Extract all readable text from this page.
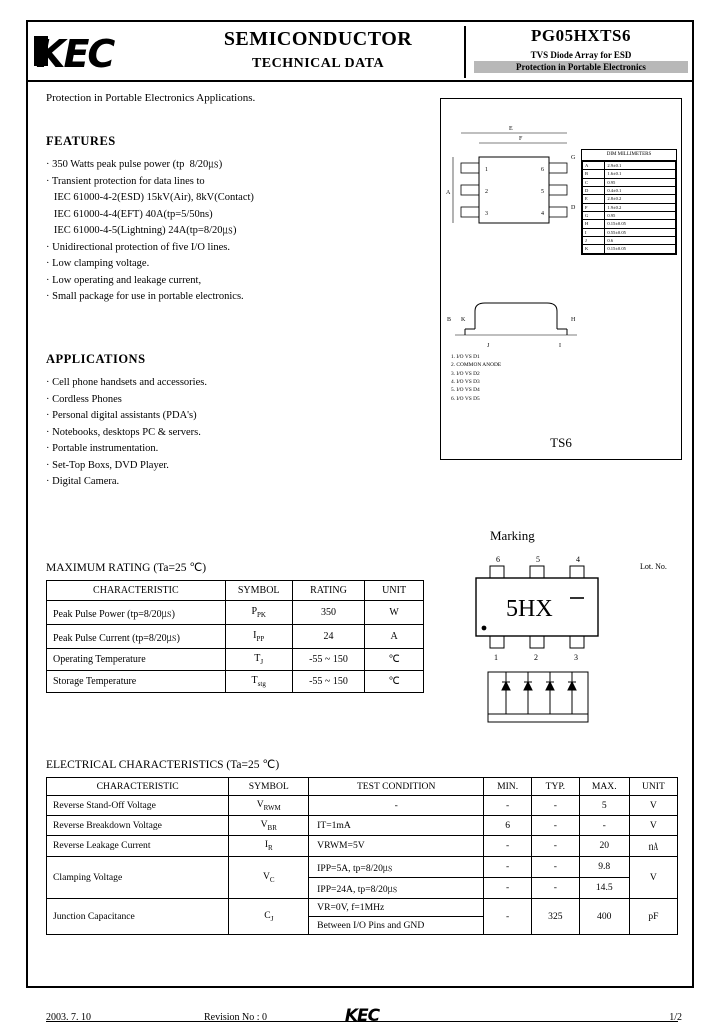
KEC	SEMICONDUCTOR
TECHNICAL DATA
PG05HXTS6
TVS Diode Array for ESD
Protection in Portable Electronics
Protection in Portable Electronics Applications.
FEATURES
· 350 Watts peak pulse power (tp  8/20㎲)
· Transient protection for data lines to
IEC 61000-4-2(ESD) 15kV(Air), 8kV(Contact)
IEC 61000-4-4(EFT) 40A(tp=5/50ns)
IEC 61000-4-5(Lightning) 24A(tp=8/20㎲)
· Unidirectional protection of five I/O lines.
· Low clamping voltage.
· Low operating and leakage current,
· Small package for use in portable electronics.
APPLICATIONS
· Cell phone handsets and accessories.
· Cordless Phones
· Personal digital assistants (PDA's)
· Notebooks, desktops PC & servers.
· Portable instrumentation.
· Set-Top Boxs, DVD Player.
· Digital Camera.
1
2
3
6
5
4
F
E
A
G
D
B	H
I
J
K
DIM MILLIMETERS
A	2.9±0.1
B	1.6±0.1
C	0.95
D	0.4±0.1
E	2.8±0.2
F	1.9±0.2
G	0.95
H	0.15±0.05
I	0.55±0.05
J	0.6
K	0.15±0.05
1. I/O VS D1
2. COMMON ANODE
3. I/O VS D2
4. I/O VS D3
5. I/O VS D4
6. I/O VS D5
TS6
Marking
Lot. No.
6	5	4
5HX
1	2	3
MAXIMUM RATING (Ta=25 ℃)
CHARACTERISTIC	SYMBOL	RATING	UNIT
Peak Pulse Power (tp=8/20㎲)	$P_{PK}$	350	W
Peak Pulse Current (tp=8/20㎲)	$I_{PP}$	24	A
Operating Temperature	$T_J$	-55 ~ 150	℃
Storage Temperature	$T_{stg}$	-55 ~ 150	℃
ELECTRICAL CHARACTERISTICS (Ta=25 ℃)
CHARACTERISTIC	SYMBOL	TEST CONDITION	MIN.	TYP.	MAX.	UNIT
Reverse Stand-Off Voltage	$V_{RWM}$	-	-	-	5	V
Reverse Breakdown Voltage	$V_{BR}$	IT=1mA	6	-	-	V
Reverse Leakage Current	$I_R$	VRWM=5V	-	-	20	㎁
Clamping Voltage	$V_C$	IPP=5A, tp=8/20㎲	-	-	9.8	V
		IPP=24A, tp=8/20㎲	-	-	14.5	
Junction Capacitance	$C_J$	VR=0V, f=1MHz	-	325	400	pF
		Between I/O Pins and GND				
2003. 7. 10	Revision No : 0	KEC	1/2
